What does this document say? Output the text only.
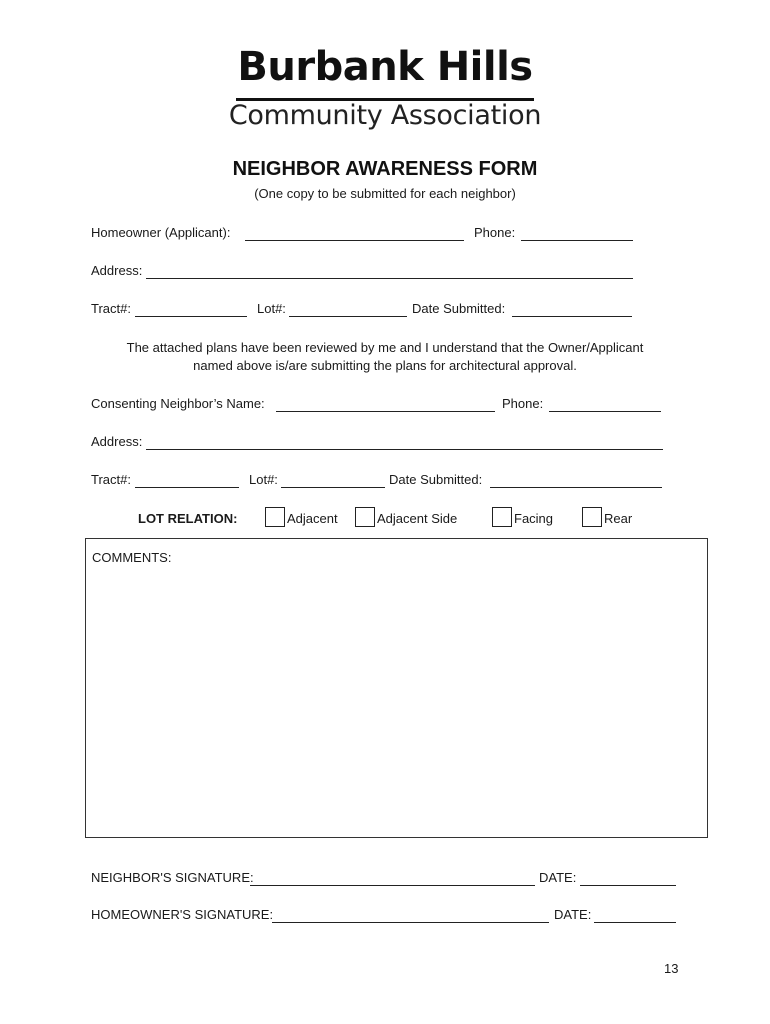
Burbank Hills
Community Association
NEIGHBOR AWARENESS FORM
(One copy to be submitted for each neighbor)
Homeowner (Applicant):	Phone:
Address:
Tract#:	Lot#:	Date Submitted:
The attached plans have been reviewed by me and I understand that the Owner/Applicant
named above is/are submitting the plans for architectural approval.
Consenting Neighbor’s Name:	Phone:
Address:
Tract#:	Lot#:	Date Submitted:
LOT RELATION:	Adjacent	Adjacent Side	Facing	Rear
COMMENTS:
NEIGHBOR'S SIGNATURE:	DATE:
HOMEOWNER'S SIGNATURE:	DATE:
13
